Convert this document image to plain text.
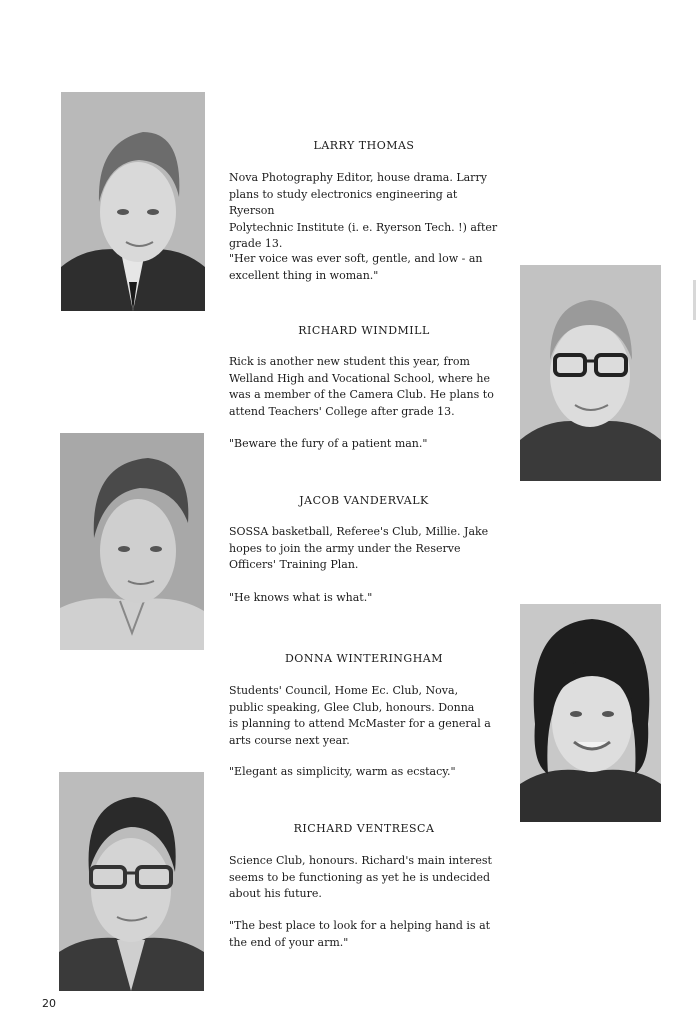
LARRY THOMAS

Nova Photography Editor, house drama. Larry
plans to study electronics engineering at Ryerson
Polytechnic Institute (i. e. Ryerson Tech. !) after
grade 13.

"Her voice was ever soft, gentle, and low - an
excellent thing in woman."

RICHARD WINDMILL

Rick is another new student this year, from
Welland High and Vocational School, where he
was a member of the Camera Club. He plans to
attend Teachers' College after grade 13.

"Beware the fury of a patient man."

JACOB VANDERVALK

SOSSA basketball, Referee's Club, Millie. Jake
hopes to join the army under the Reserve
Officers' Training Plan.

"He knows what is what."

DONNA WINTERINGHAM

Students' Council, Home Ec. Club, Nova,
public speaking, Glee Club, honours. Donna
is planning to attend McMaster for a general a
arts course next year.

"Elegant as simplicity, warm as ecstacy."

RICHARD VENTRESCA

Science Club, honours. Richard's main interest
seems to be functioning as yet he is undecided
about his future.

"The best place to look for a helping hand is at
the end of your arm."

20
